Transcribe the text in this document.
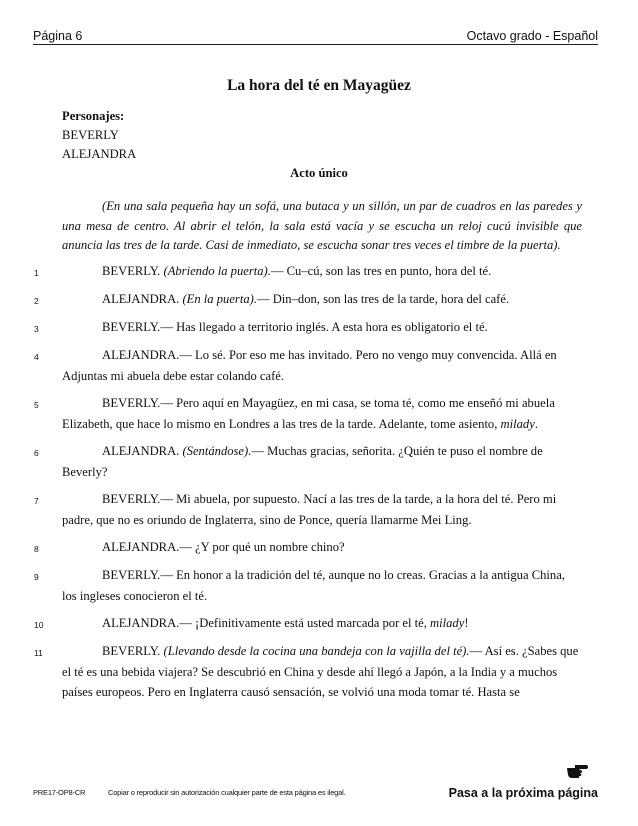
Página 6	Octavo grado - Español
La hora del té en Mayagüez
Personajes:
BEVERLY
ALEJANDRA
Acto único

(En una sala pequeña hay un sofá, una butaca y un sillón, un par de cuadros en las paredes y una mesa de centro. Al abrir el telón, la sala está vacía y se escucha un reloj cucú invisible que anuncia las tres de la tarde. Casi de inmediato, se escucha sonar tres veces el timbre de la puerta).

1	BEVERLY. (Abriendo la puerta).— Cu–cú, son las tres en punto, hora del té.

2	ALEJANDRA. (En la puerta).— Din–don, son las tres de la tarde, hora del café.

3	BEVERLY.— Has llegado a territorio inglés. A esta hora es obligatorio el té.

4	ALEJANDRA.— Lo sé. Por eso me has invitado. Pero no vengo muy convencida. Allá en Adjuntas mi abuela debe estar colando café.

5	BEVERLY.— Pero aquí en Mayagüez, en mi casa, se toma té, como me enseñó mi abuela Elizabeth, que hace lo mismo en Londres a las tres de la tarde. Adelante, tome asiento, milady.

6	ALEJANDRA. (Sentándose).— Muchas gracias, señorita. ¿Quién te puso el nombre de Beverly?

7	BEVERLY.— Mi abuela, por supuesto. Nací a las tres de la tarde, a la hora del té. Pero mi padre, que no es oriundo de Inglaterra, sino de Ponce, quería llamarme Mei Ling.

8	ALEJANDRA.— ¿Y por qué un nombre chino?

9	BEVERLY.— En honor a la tradición del té, aunque no lo creas. Gracias a la antigua China, los ingleses conocieron el té.

10	ALEJANDRA.— ¡Definitivamente está usted marcada por el té, milady!

11	BEVERLY. (Llevando desde la cocina una bandeja con la vajilla del té).— Así es. ¿Sabes que el té es una bebida viajera? Se descubrió en China y desde ahí llegó a Japón, a la India y a muchos países europeos. Pero en Inglaterra causó sensación, se volvió una moda tomar té. Hasta se

PRE17-OP8-CR	Copiar o reproducir sin autorización cualquier parte de esta página es ilegal.	Pasa a la próxima página
